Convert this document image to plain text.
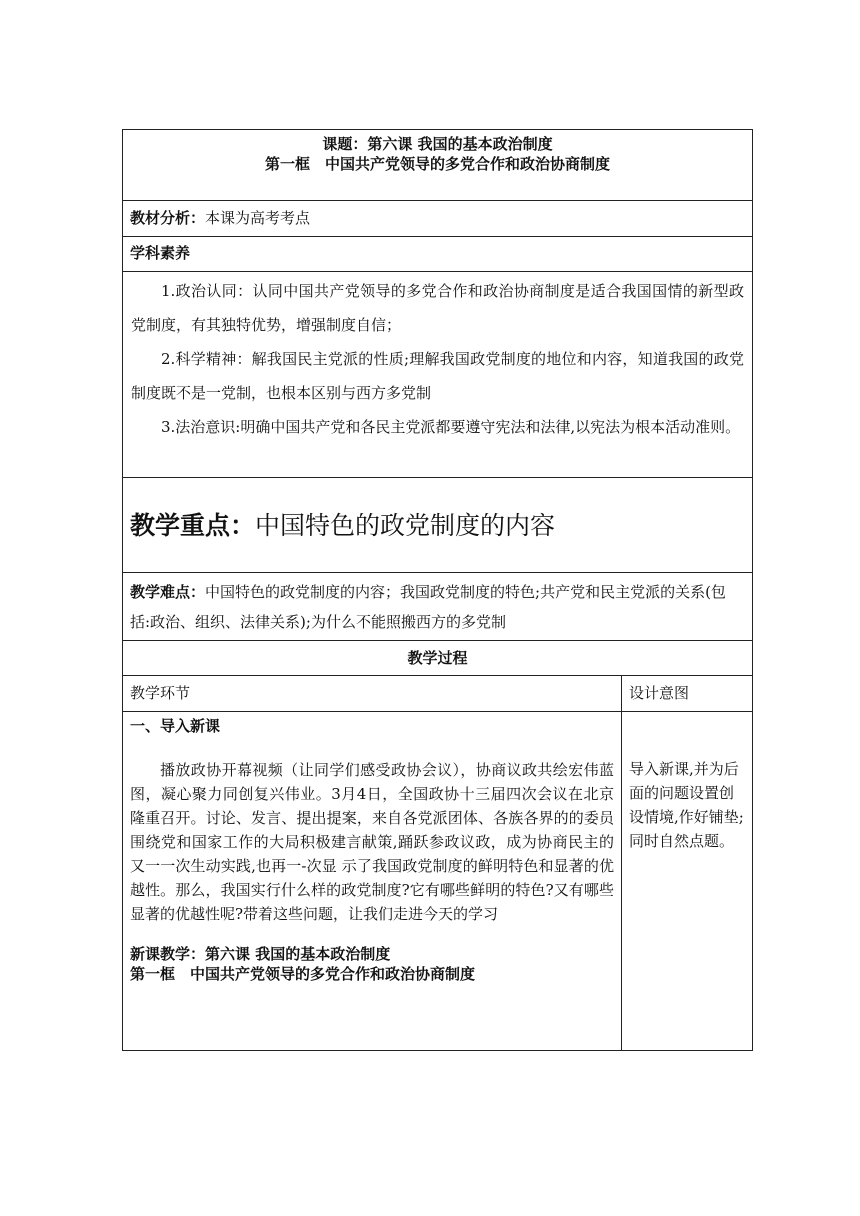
课题：第六课 我国的基本政治制度
第一框　中国共产党领导的多党合作和政治协商制度
教材分析：本课为高考考点
学科素养

1.政治认同：认同中国共产党领导的多党合作和政治协商制度是适合我国国情的新型政党制度，有其独特优势，增强制度自信；

2.科学精神：解我国民主党派的性质;理解我国政党制度的地位和内容，知道我国的政党制度既不是一党制，也根本区别与西方多党制

3.法治意识:明确中国共产党和各民主党派都要遵守宪法和法律,以宪法为根本活动准则。

教学重点：中国特色的政党制度的内容
教学难点：中国特色的政党制度的内容；我国政党制度的特色;共产党和民主党派的关系(包括:政治、组织、法律关系);为什么不能照搬西方的多党制
教学过程
教学环节	设计意图
一、导入新课
播放政协开幕视频（让同学们感受政协会议），协商议政共绘宏伟蓝图，凝心聚力同创复兴伟业。3月4日，全国政协十三届四次会议在北京隆重召开。讨论、发言、提出提案，来自各党派团体、各族各界的的委员围绕党和国家工作的大局积极建言献策,踊跃参政议政，成为协商民主的又一一次生动实践,也再一-次显 示了我国政党制度的鲜明特色和显著的优越性。那么，我国实行什么样的政党制度?它有哪些鲜明的特色?又有哪些显著的优越性呢?带着这些问题，让我们走进今天的学习
新课教学：第六课 我国的基本政治制度
第一框　中国共产党领导的多党合作和政治协商制度
导入新课,并为后面的问题设置创设情境,作好铺垫;同时自然点题。
